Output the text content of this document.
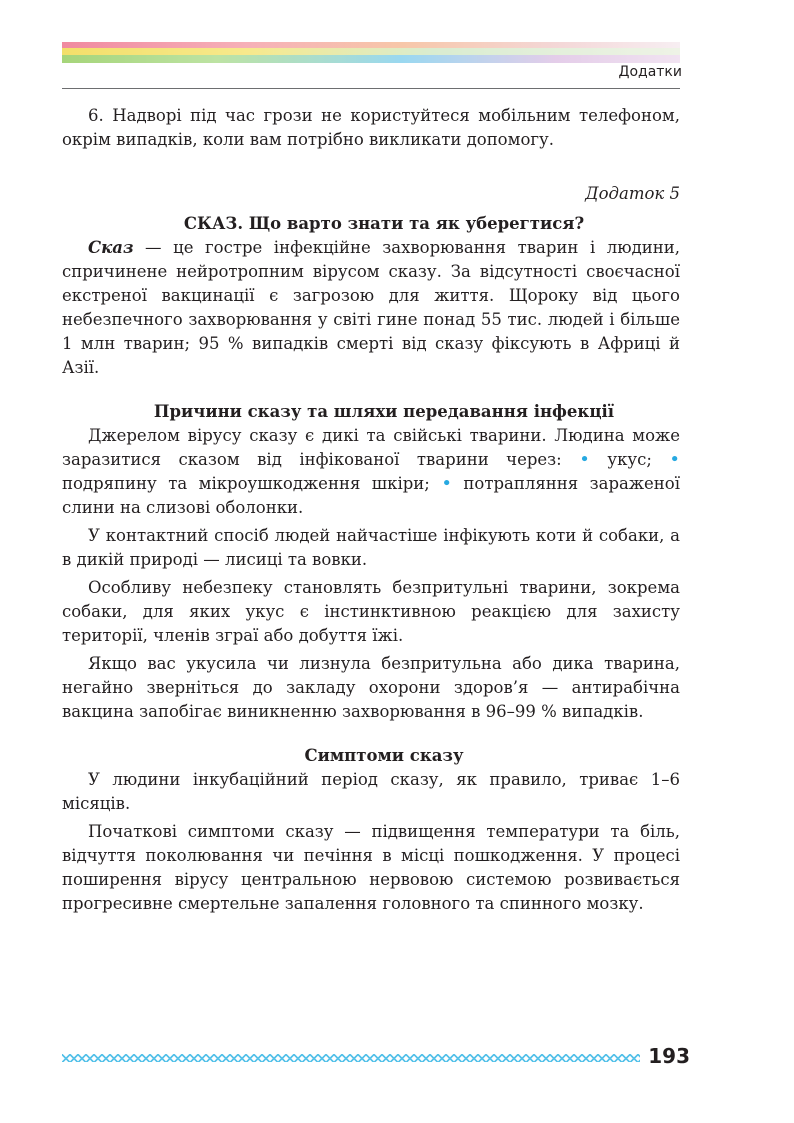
Додатки

6. Надворі під час грози не користуйтеся мобільним телефоном, окрім випадків, коли вам потрібно викликати допомогу.

Додаток 5
СКАЗ. Що варто знати та як уберегтися?

Сказ — це гостре інфекційне захворювання тварин і людини, спричинене нейротропним вірусом сказу. За відсутності своєчасної екстреної вакцинації є загрозою для життя. Щороку від цього небезпечного захворювання у світі гине понад 55 тис. людей і більше 1 млн тварин; 95 % випадків смерті від сказу фіксують в Африці й Азії.

Причини сказу та шляхи передавання інфекції

Джерелом вірусу сказу є дикі та свійські тварини. Людина може заразитися сказом від інфікованої тварини через: • укус; • подряпину та мікроушкодження шкіри; • потрапляння зараженої слини на слизові оболонки.

У контактний спосіб людей найчастіше інфікують коти й собаки, а в дикій природі — лисиці та вовки.

Особливу небезпеку становлять безпритульні тварини, зокрема собаки, для яких укус є інстинктивною реакцією для захисту території, членів зграї або добуття їжі.

Якщо вас укусила чи лизнула безпритульна або дика тварина, негайно зверніться до закладу охорони здоров’я — антирабічна вакцина запобігає виникненню захворювання в 96–99 % випадків.

Симптоми сказу

У людини інкубаційний період сказу, як правило, триває 1–6 місяців.

Початкові симптоми сказу — підвищення температури та біль, відчуття поколювання чи печіння в місці пошкодження. У процесі поширення вірусу центральною нервовою системою розвивається прогресивне смертельне запалення головного та спинного мозку.

193
